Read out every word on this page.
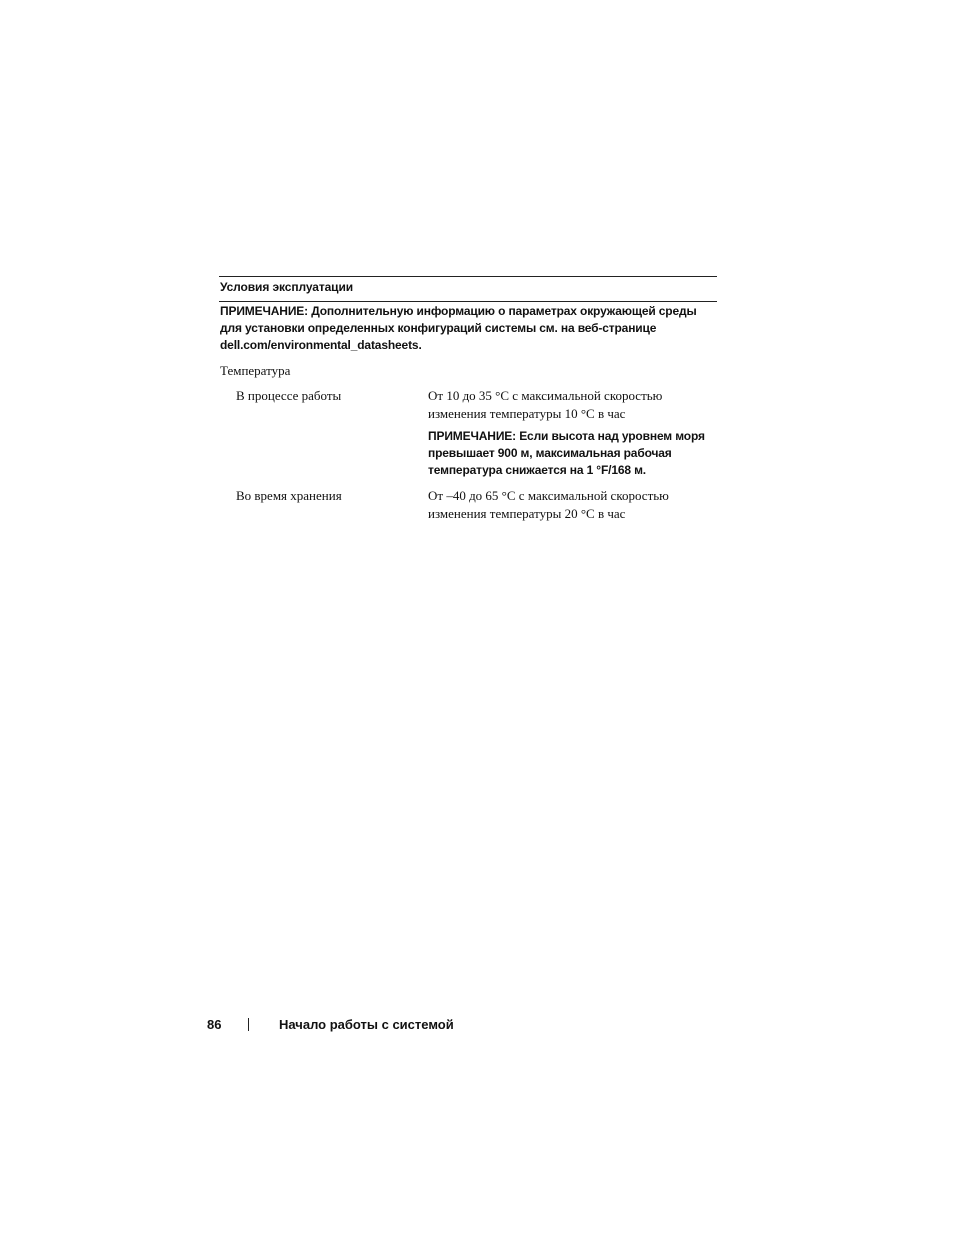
Условия эксплуатации
ПРИМЕЧАНИЕ: Дополнительную информацию о параметрах окружающей среды
для установки определенных конфигураций системы см. на веб-странице
dell.com/environmental_datasheets.
Температура
В процессе работы	От 10 до 35 °C с максимальной скоростью
изменения температуры 10 °C в час
ПРИМЕЧАНИЕ: Если высота над уровнем моря
превышает 900 м, максимальная рабочая
температура снижается на 1 °F/168 м.
Во время хранения	От –40 до 65 °C с максимальной скоростью
изменения температуры 20 °C в час
86	Начало работы с системой
